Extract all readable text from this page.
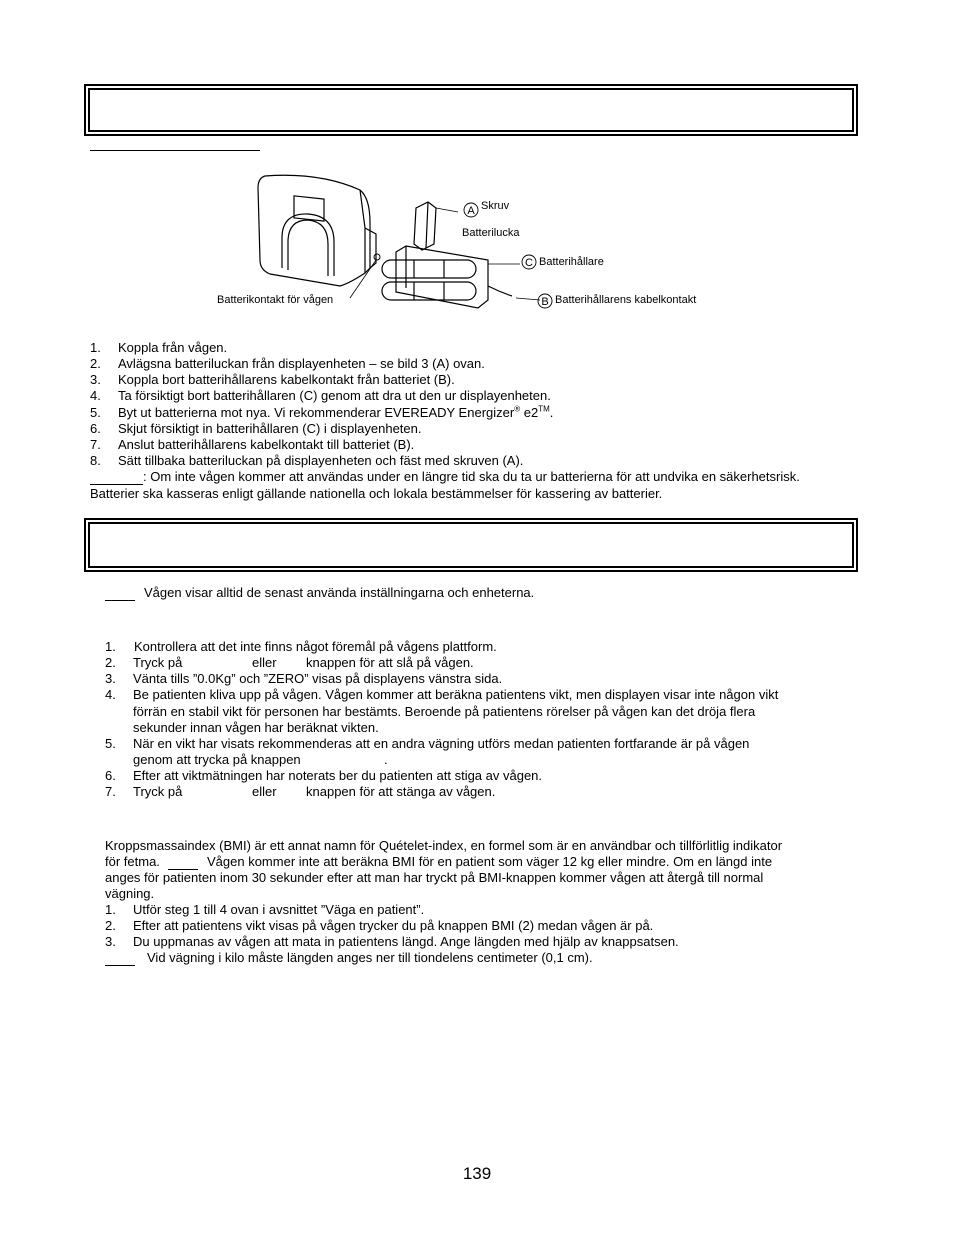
A Skruv
Batterilucka
C Batterihållare
Batterikontakt för vågen	B Batterihållarens kabelkontakt
1. Koppla från vågen.
2. Avlägsna batteriluckan från displayenheten – se bild 3 (A) ovan.
3. Koppla bort batterihållarens kabelkontakt från batteriet (B).
4. Ta försiktigt bort batterihållaren (C) genom att dra ut den ur displayenheten.
5. Byt ut batterierna mot nya. Vi rekommenderar EVEREADY Energizer® e2™.
6. Skjut försiktigt in batterihållaren (C) i displayenheten.
7. Anslut batterihållarens kabelkontakt till batteriet (B).
8. Sätt tillbaka batteriluckan på displayenheten och fäst med skruven (A).
: Om inte vågen kommer att användas under en längre tid ska du ta ur batterierna för att undvika en säkerhetsrisk.
Batterier ska kasseras enligt gällande nationella och lokala bestämmelser för kassering av batterier.
Vågen visar alltid de senast använda inställningarna och enheterna.
1. Kontrollera att det inte finns något föremål på vågens plattform.
2. Tryck på	eller knappen för att slå på vågen.
3. Vänta tills ”0.0Kg” och ”ZERO” visas på displayens vänstra sida.
4. Be patienten kliva upp på vågen. Vågen kommer att beräkna patientens vikt, men displayen visar inte någon vikt
förrän en stabil vikt för personen har bestämts. Beroende på patientens rörelser på vågen kan det dröja flera
sekunder innan vågen har beräknat vikten.
5. När en vikt har visats rekommenderas att en andra vägning utförs medan patienten fortfarande är på vågen
genom att trycka på knappen	.
6. Efter att viktmätningen har noterats ber du patienten att stiga av vågen.
7. Tryck på	eller knappen för att stänga av vågen.
Kroppsmassaindex (BMI) är ett annat namn för Quételet-index, en formel som är en användbar och tillförlitlig indikator
för fetma.	Vågen kommer inte att beräkna BMI för en patient som väger 12 kg eller mindre. Om en längd inte
anges för patienten inom 30 sekunder efter att man har tryckt på BMI-knappen kommer vågen att återgå till normal
vägning.
1. Utför steg 1 till 4 ovan i avsnittet ”Väga en patient”.
2. Efter att patientens vikt visas på vågen trycker du på knappen BMI (2) medan vågen är på.
3. Du uppmanas av vågen att mata in patientens längd. Ange längden med hjälp av knappsatsen.
Vid vägning i kilo måste längden anges ner till tiondelens centimeter (0,1 cm).
139
